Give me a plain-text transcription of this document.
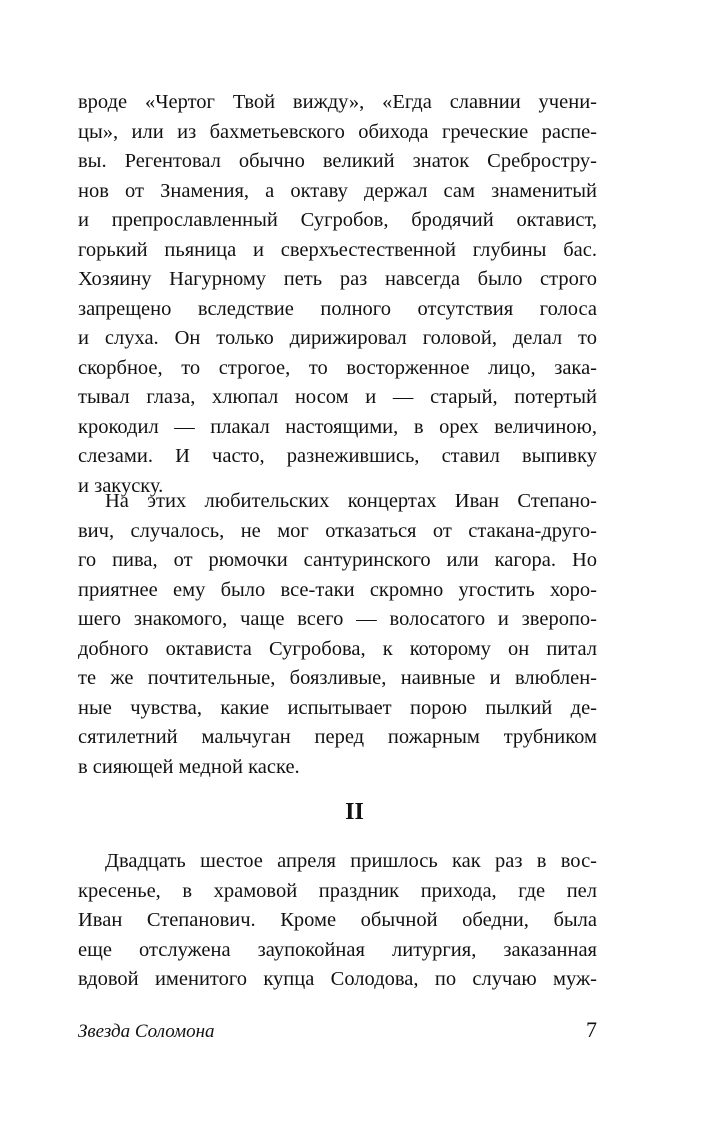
вроде «Чертог Твой вижду», «Егда славнии учени-
цы», или из бахметьевского обихода греческие распе-
вы. Регентовал обычно великий знаток Сребростру-
нов от Знамения, а октаву держал сам знаменитый
и препрославленный Сугробов, бродячий октавист,
горький пьяница и сверхъестественной глубины бас.
Хозяину Нагурному петь раз навсегда было строго
запрещено вследствие полного отсутствия голоса
и слуха. Он только дирижировал головой, делал то
скорбное, то строгое, то восторженное лицо, зака-
тывал глаза, хлюпал носом и — старый, потертый
крокодил — плакал настоящими, в орех величиною,
слезами. И часто, разнежившись, ставил выпивку
и закуску.
На этих любительских концертах Иван Степано-
вич, случалось, не мог отказаться от стакана-друго-
го пива, от рюмочки сантуринского или кагора. Но
приятнее ему было все-таки скромно угостить хоро-
шего знакомого, чаще всего — волосатого и зверопо-
добного октависта Сугробова, к которому он питал
те же почтительные, боязливые, наивные и влюблен-
ные чувства, какие испытывает порою пылкий де-
сятилетний мальчуган перед пожарным трубником
в сияющей медной каске.
II
Двадцать шестое апреля пришлось как раз в вос-
кресенье, в храмовой праздник прихода, где пел
Иван Степанович. Кроме обычной обедни, была
еще отслужена заупокойная литургия, заказанная
вдовой именитого купца Солодова, по случаю муж-
Звезда Соломона	7
